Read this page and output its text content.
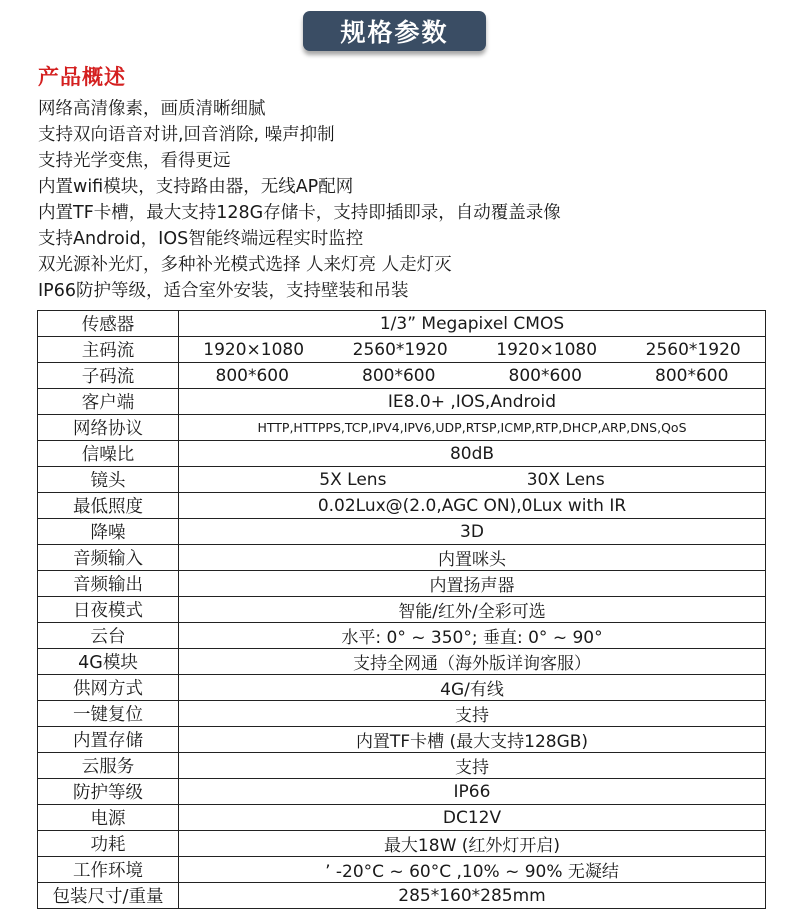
规格参数
产品概述
网络高清像素，画质清晰细腻
支持双向语音对讲,回音消除, 噪声抑制
支持光学变焦，看得更远
内置wifi模块，支持路由器，无线AP配网
内置TF卡槽，最大支持128G存储卡，支持即插即录，自动覆盖录像
支持Android，IOS智能终端远程实时监控
双光源补光灯，多种补光模式选择 人来灯亮 人走灯灭
IP66防护等级，适合室外安装，支持壁装和吊装
传感器	1/3” Megapixel CMOS
主码流	1920×1080 2560*1920 1920×1080 2560*1920

子码流	800*600 800*600 800*600 800*600

客户端	IE8.0+ ,IOS,Android
网络协议	HTTP,HTTPPS,TCP,IPV4,IPV6,UDP,RTSP,ICMP,RTP,DHCP,ARP,DNS,QoS
信噪比	80dB
镜头	5X Lens 30X Lens

最低照度	0.02Lux@(2.0,AGC ON),0Lux with IR
降噪	3D
音频输入	内置咪头
音频输出	内置扬声器
日夜模式	智能/红外/全彩可选
云台	水平: 0° ~ 350°; 垂直: 0° ~ 90°
4G模块	支持全网通（海外版详询客服）
供网方式	4G/有线
一键复位	支持
内置存储	内置TF卡槽 (最大支持128GB)
云服务	支持
防护等级	IP66
电源	DC12V
功耗	最大18W (红外灯开启)
工作环境	’ -20°C ~ 60°C ,10% ~ 90% 无凝结
包装尺寸/重量	285*160*285mm
